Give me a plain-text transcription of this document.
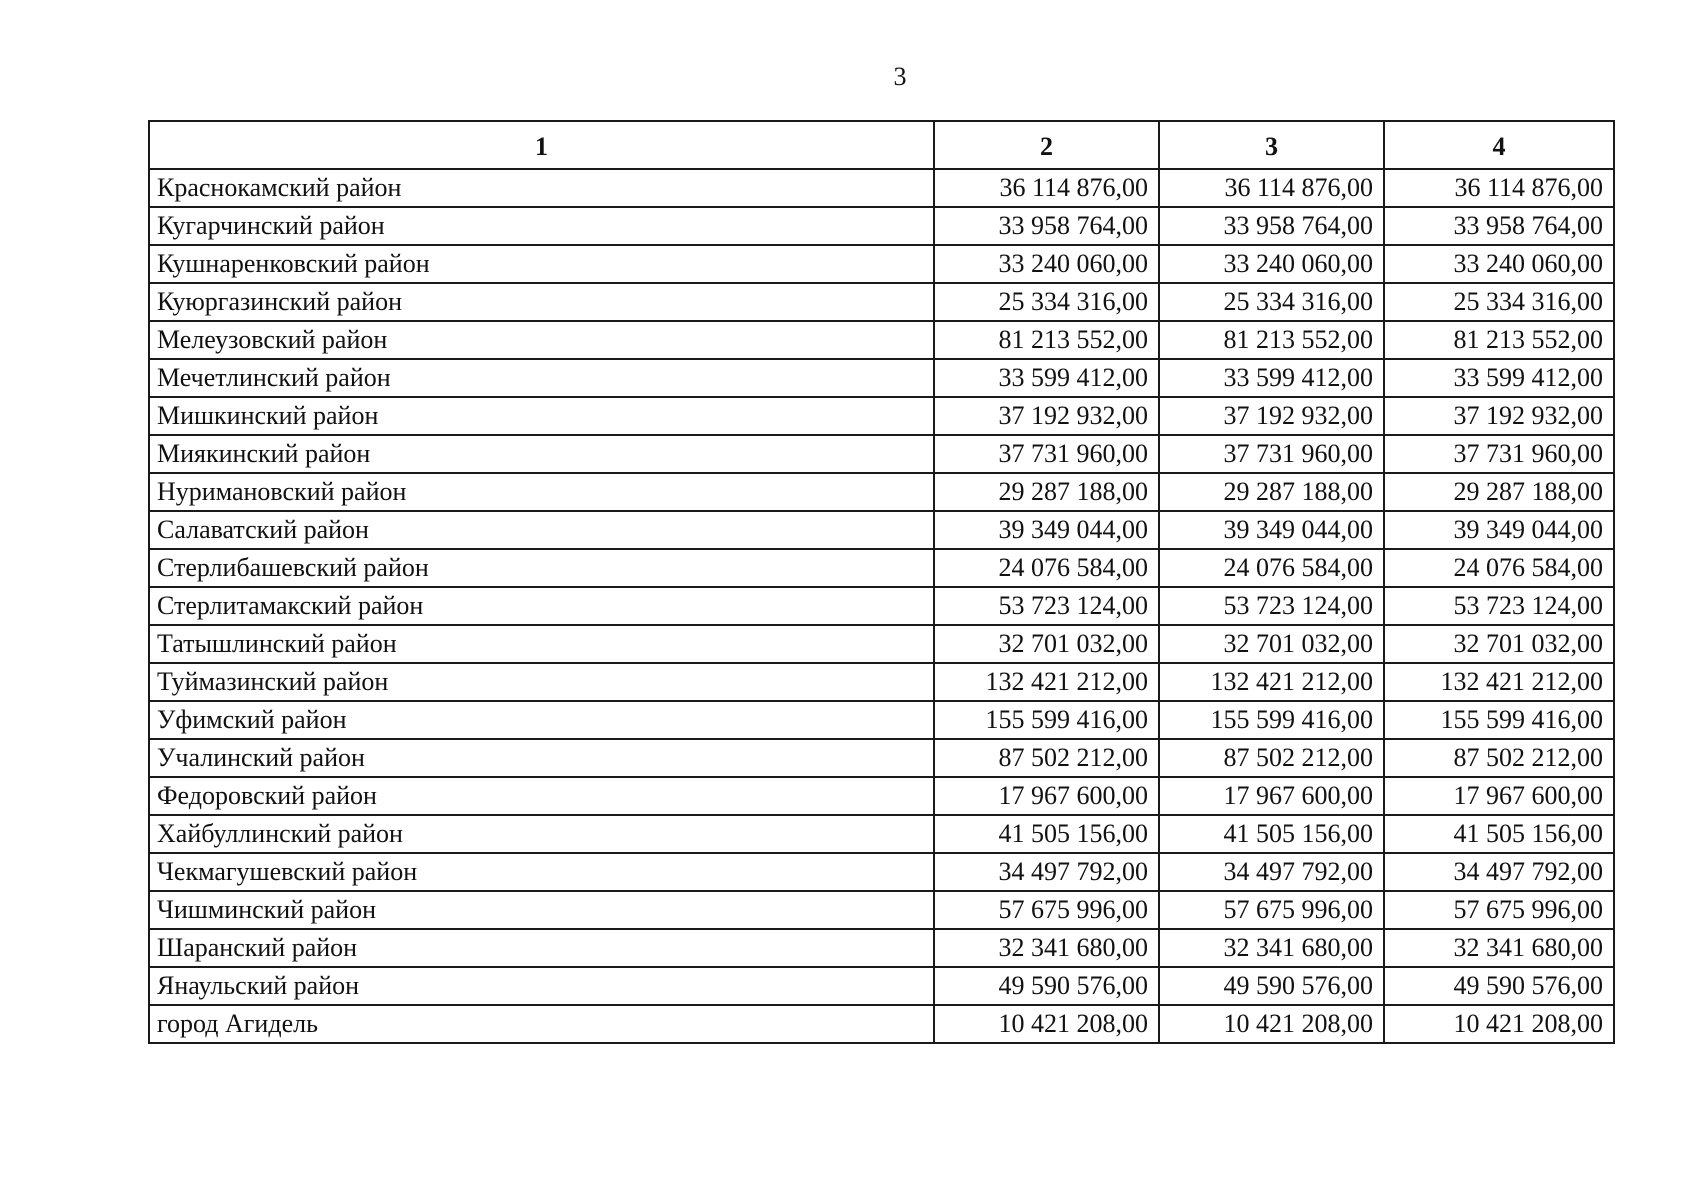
3
1	2	3	4
Краснокамский район	36 114 876,00	36 114 876,00	36 114 876,00
Кугарчинский район	33 958 764,00	33 958 764,00	33 958 764,00
Кушнаренковский район	33 240 060,00	33 240 060,00	33 240 060,00
Куюргазинский район	25 334 316,00	25 334 316,00	25 334 316,00
Мелеузовский район	81 213 552,00	81 213 552,00	81 213 552,00
Мечетлинский район	33 599 412,00	33 599 412,00	33 599 412,00
Мишкинский район	37 192 932,00	37 192 932,00	37 192 932,00
Миякинский район	37 731 960,00	37 731 960,00	37 731 960,00
Нуримановский район	29 287 188,00	29 287 188,00	29 287 188,00
Салаватский район	39 349 044,00	39 349 044,00	39 349 044,00
Стерлибашевский район	24 076 584,00	24 076 584,00	24 076 584,00
Стерлитамакский район	53 723 124,00	53 723 124,00	53 723 124,00
Татышлинский район	32 701 032,00	32 701 032,00	32 701 032,00
Туймазинский район	132 421 212,00	132 421 212,00	132 421 212,00
Уфимский район	155 599 416,00	155 599 416,00	155 599 416,00
Учалинский район	87 502 212,00	87 502 212,00	87 502 212,00
Федоровский район	17 967 600,00	17 967 600,00	17 967 600,00
Хайбуллинский район	41 505 156,00	41 505 156,00	41 505 156,00
Чекмагушевский район	34 497 792,00	34 497 792,00	34 497 792,00
Чишминский район	57 675 996,00	57 675 996,00	57 675 996,00
Шаранский район	32 341 680,00	32 341 680,00	32 341 680,00
Янаульский район	49 590 576,00	49 590 576,00	49 590 576,00
город Агидель	10 421 208,00	10 421 208,00	10 421 208,00
